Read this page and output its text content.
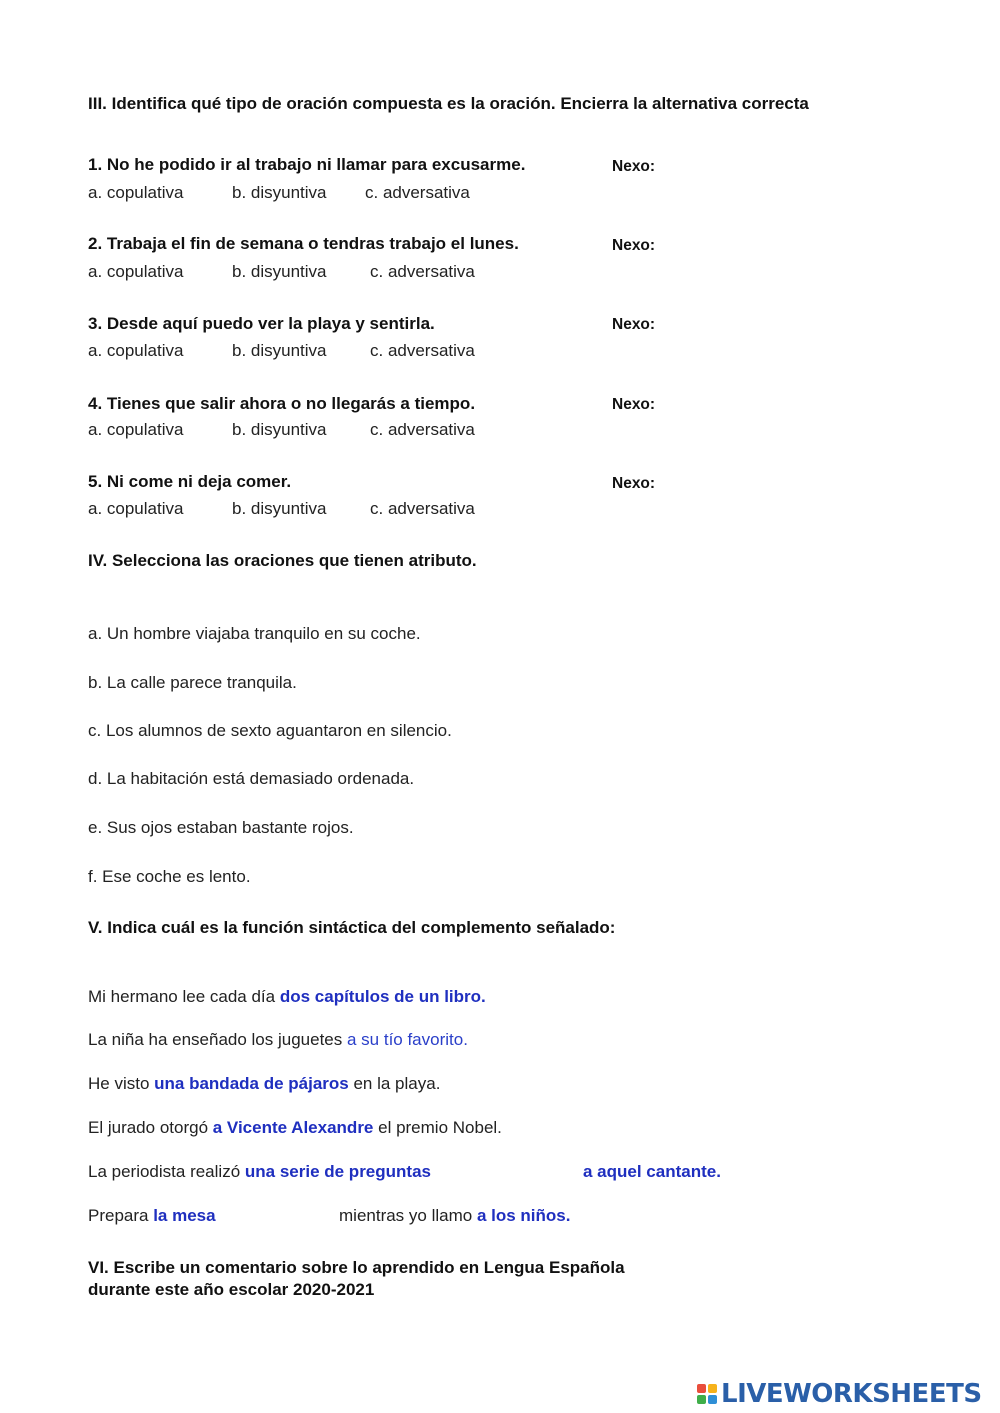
III. Identifica qué tipo de oración compuesta es la oración. Encierra la alternativa correcta
1. No he podido ir al trabajo ni llamar para excusarme.	Nexo:
a. copulativa	b. disyuntiva c. adversativa
2. Trabaja el fin de semana o tendras trabajo el lunes.	Nexo:
a. copulativa	b. disyuntiva	c. adversativa
3. Desde aquí puedo ver la playa y sentirla.	Nexo:
a. copulativa	b. disyuntiva	c. adversativa
4. Tienes que salir ahora o no llegarás a tiempo.	Nexo:
a. copulativa	b. disyuntiva	c. adversativa
5. Ni come ni deja comer.	Nexo:
a. copulativa	b. disyuntiva	c. adversativa
IV. Selecciona las oraciones que tienen atributo.
a. Un hombre viajaba tranquilo en su coche.
b. La calle parece tranquila.
c. Los alumnos de sexto aguantaron en silencio.
d. La habitación está demasiado ordenada.
e. Sus ojos estaban bastante rojos.
f. Ese coche es lento.
V. Indica cuál es la función sintáctica del complemento señalado:
Mi hermano lee cada día dos capítulos de un libro.
La niña ha enseñado los juguetes a su tío favorito.
He visto una bandada de pájaros en la playa.
El jurado otorgó a Vicente Alexandre el premio Nobel.
La periodista realizó una serie de preguntas	a aquel cantante.
Prepara la mesa	mientras yo llamo a los niños.
VI. Escribe un comentario sobre lo aprendido en Lengua Española
durante este año escolar 2020-2021
LIVEWORKSHEETS
